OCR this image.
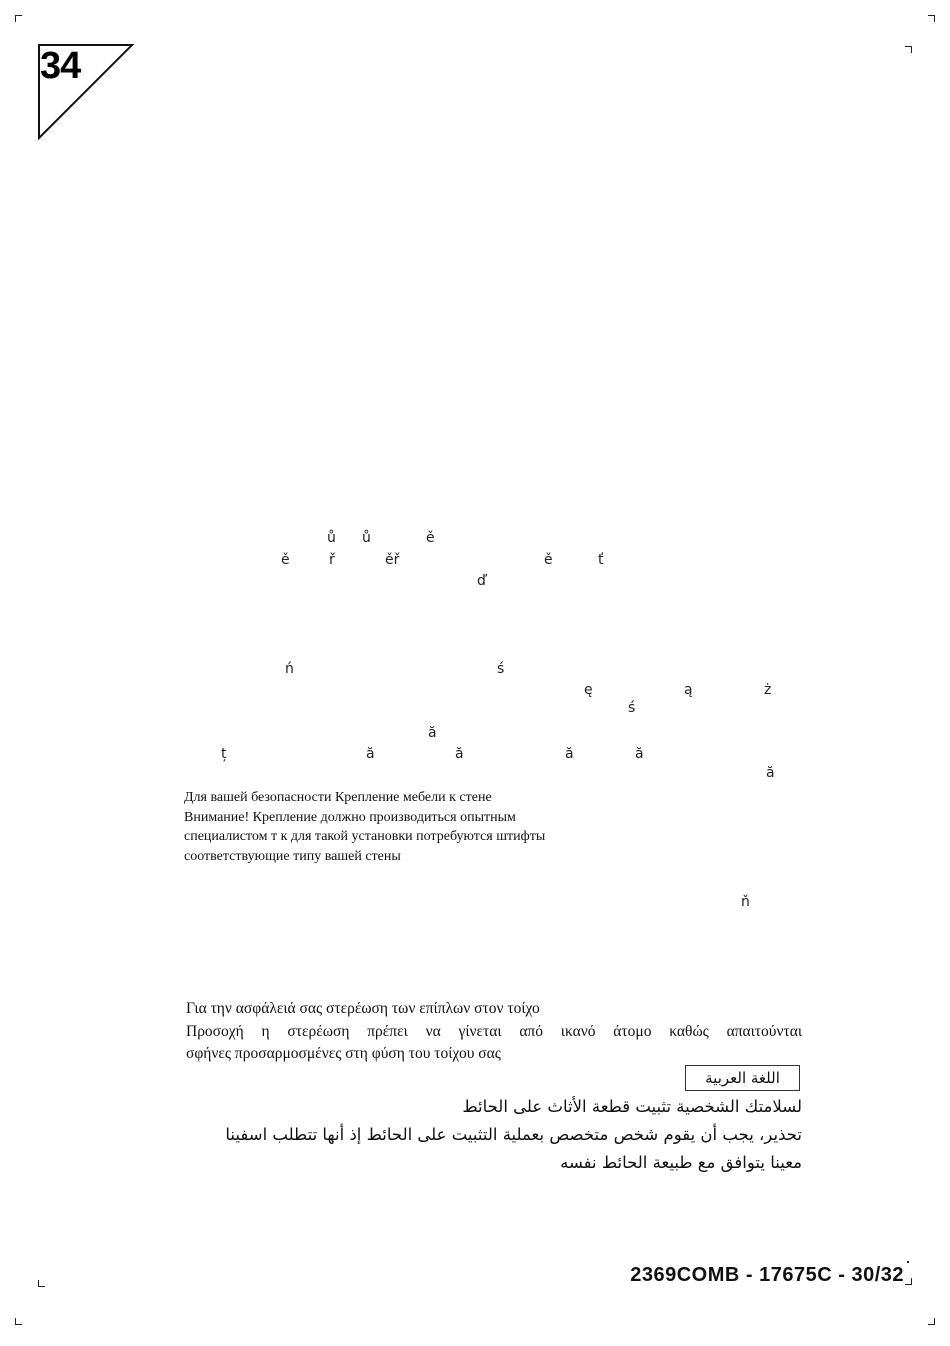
34
ů ů	ě
ě	ř	ěř	ě	ť
ď
ń	ś
ę	ą	ż
ś
ă
ț	ă	ă	ă	ă
ă
Для вашей безопасности Крепление мебели к стене
Внимание! Крепление должно производиться опытным
специалистом т к для такой установки потребуются штифты
соответствующие типу вашей стены
ň
Για την ασφάλειά σας στερέωση των επίπλων στον τοίχο
Προσοχή η στερέωση πρέπει να γίνεται από ικανό άτομο καθώς απαιτούνται
σφήνες προσαρμοσμένες στη φύση του τοίχου σας
اللغة العربية
لسلامتك الشخصية تثبيت قطعة الأثاث على الحائط
تحذير، يجب أن يقوم شخص متخصص بعملية التثبيت على الحائط إذ أنها تتطلب اسفينا
معينا يتوافق مع طبيعة الحائط نفسه
2369COMB - 17675C - 30/32
